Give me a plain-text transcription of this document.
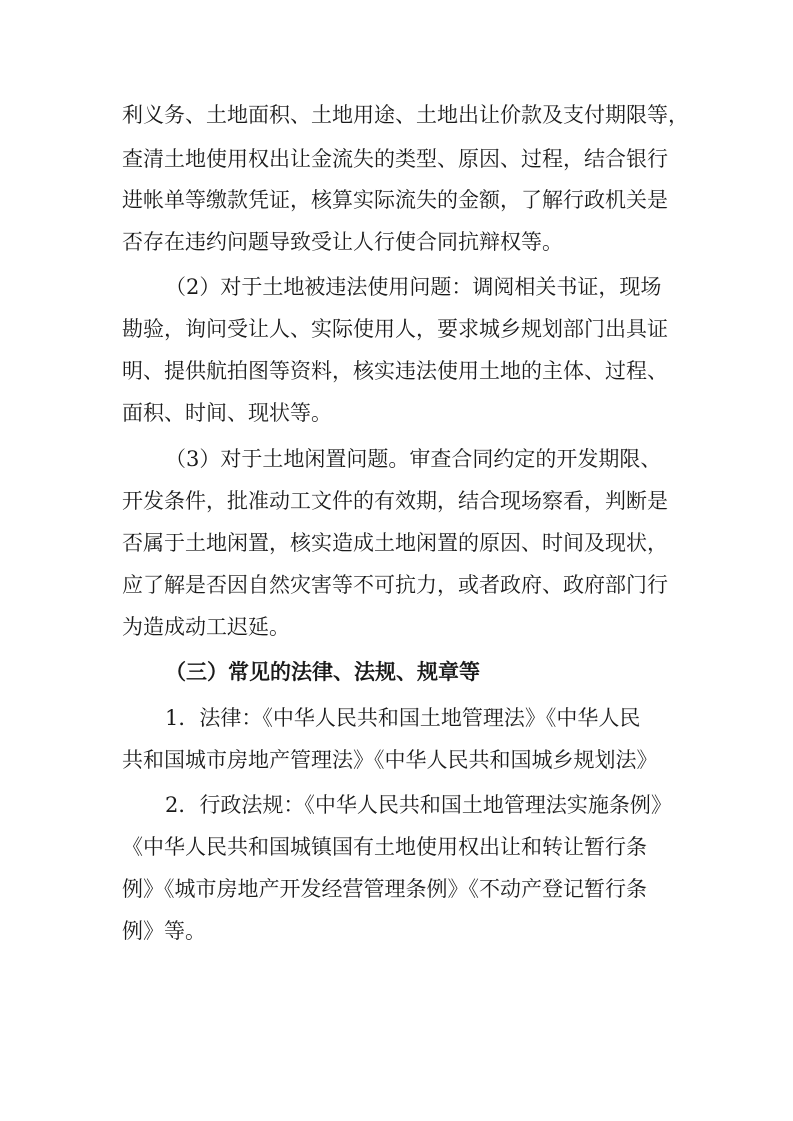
利义务、土地面积、土地用途、土地出让价款及支付期限等，

查清土地使用权出让金流失的类型、原因、过程，结合银行

进帐单等缴款凭证，核算实际流失的金额，了解行政机关是

否存在违约问题导致受让人行使合同抗辩权等。

（2）对于土地被违法使用问题：调阅相关书证，现场

勘验，询问受让人、实际使用人，要求城乡规划部门出具证

明、提供航拍图等资料，核实违法使用土地的主体、过程、

面积、时间、现状等。

（3）对于土地闲置问题。审查合同约定的开发期限、

开发条件，批准动工文件的有效期，结合现场察看，判断是

否属于土地闲置，核实造成土地闲置的原因、时间及现状，

应了解是否因自然灾害等不可抗力，或者政府、政府部门行

为造成动工迟延。

（三）常见的法律、法规、规章等

1．法律：《中华人民共和国土地管理法》《中华人民

共和国城市房地产管理法》《中华人民共和国城乡规划法》

2．行政法规：《中华人民共和国土地管理法实施条例》

《中华人民共和国城镇国有土地使用权出让和转让暂行条

例》《城市房地产开发经营管理条例》《不动产登记暂行条

例》等。
